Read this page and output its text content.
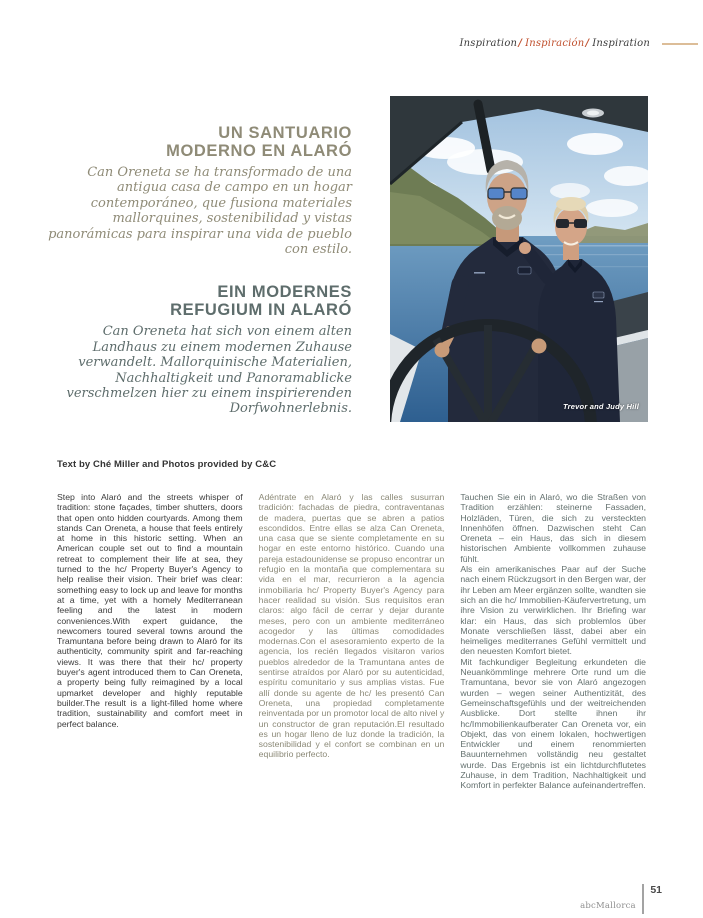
Inspiration / Inspiración / Inspiration
UN SANTUARIO
MODERNO EN ALARÓ
Can Oreneta se ha transformado de una antigua casa de campo en un hogar contemporáneo, que fusiona materiales mallorquines, sostenibilidad y vistas panorámicas para inspirar una vida de pueblo con estilo.
EIN MODERNES
REFUGIUM IN ALARÓ
Can Oreneta hat sich von einem alten Landhaus zu einem modernen Zuhause verwandelt. Mallorquinische Materialien, Nachhaltigkeit und Panoramablicke verschmelzen hier zu einem inspirierenden Dorfwohnerlebnis.	Trevor and Judy Hill
Text by Ché Miller and Photos provided by C&C

Step into Alaró and the streets whisper of tradition: stone façades, timber shutters, doors that open onto hidden courtyards. Among them stands Can Oreneta, a house that feels entirely at home in this historic setting. When an American couple set out to find a mountain retreat to complement their life at sea, they turned to the hc/ Property Buyer's Agency to help realise their vision. Their brief was clear: something easy to lock up and leave for months at a time, yet with a homely Mediterranean feeling and the latest in modern conveniences.With expert guidance, the newcomers toured several towns around the Tramuntana before being drawn to Alaró for its authenticity, community spirit and far-reaching views. It was there that their hc/ property buyer's agent introduced them to Can Oreneta, a property being fully reimagined by a local upmarket developer and highly reputable builder.The result is a light-filled home where tradition, sustainability and comfort meet in perfect balance.

Adéntrate en Alaró y las calles susurran tradición: fachadas de piedra, contraventanas de madera, puertas que se abren a patios escondidos. Entre ellas se alza Can Oreneta, una casa que se siente completamente en su hogar en este entorno histórico. Cuando una pareja estadounidense se propuso encontrar un refugio en la montaña que complementara su vida en el mar, recurrieron a la agencia inmobiliaria hc/ Property Buyer's Agency para hacer realidad su visión. Sus requisitos eran claros: algo fácil de cerrar y dejar durante meses, pero con un ambiente mediterráneo acogedor y las últimas comodidades modernas.Con el asesoramiento experto de la agencia, los recién llegados visitaron varios pueblos alrededor de la Tramuntana antes de sentirse atraídos por Alaró por su autenticidad, espíritu comunitario y sus amplias vistas. Fue allí donde su agente de hc/ les presentó Can Oreneta, una propiedad completamente reinventada por un promotor local de alto nivel y un constructor de gran reputación.El resultado es un hogar lleno de luz donde la tradición, la sostenibilidad y el confort se combinan en un equilibrio perfecto.

Tauchen Sie ein in Alaró, wo die Straßen von Tradition erzählen: steinerne Fassaden, Holzläden, Türen, die sich zu versteckten Innenhöfen öffnen. Dazwischen steht Can Oreneta – ein Haus, das sich in diesem historischen Ambiente vollkommen zuhause fühlt.

Als ein amerikanisches Paar auf der Suche nach einem Rückzugsort in den Bergen war, der ihr Leben am Meer ergänzen sollte, wandten sie sich an die hc/ Immobilien-Käufervertretung, um ihre Vision zu verwirklichen. Ihr Briefing war klar: ein Haus, das sich problemlos über Monate verschließen lässt, dabei aber ein heimeliges mediterranes Gefühl vermittelt und den neuesten Komfort bietet.

Mit fachkundiger Begleitung erkundeten die Neuankömmlinge mehrere Orte rund um die Tramuntana, bevor sie von Alaró angezogen wurden – wegen seiner Authentizität, des Gemeinschaftsgefühls und der weitreichenden Ausblicke. Dort stellte ihnen ihr hc/Immobilienkaufberater Can Oreneta vor, ein Objekt, das von einem lokalen, hochwertigen Entwickler und einem renommierten Bauunternehmen vollständig neu gestaltet wurde. Das Ergebnis ist ein lichtdurchflutetes Zuhause, in dem Tradition, Nachhaltigkeit und Komfort in perfekter Balance aufeinandertreffen.

abcMallorca
51
